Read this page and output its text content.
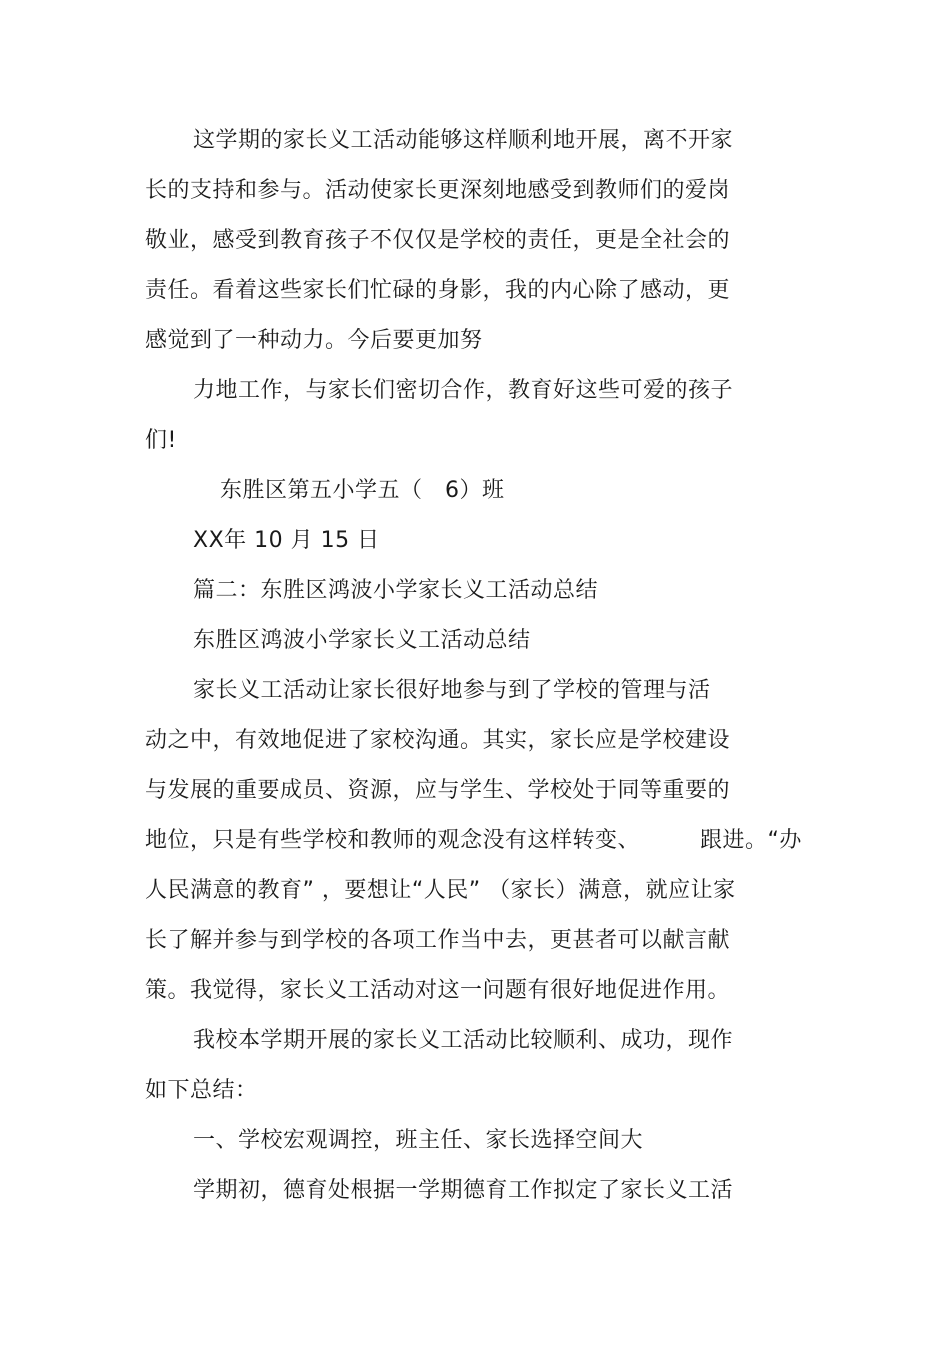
这学期的家长义工活动能够这样顺利地开展，离不开家
长的支持和参与。活动使家长更深刻地感受到教师们的爱岗
敬业，感受到教育孩子不仅仅是学校的责任，更是全社会的
责任。看着这些家长们忙碌的身影，我的内心除了感动，更
感觉到了一种动力。今后要更加努
力地工作，与家长们密切合作，教育好这些可爱的孩子
们!
东胜区第五小学五（   6）班
XX年 10 月 15 日
篇二：东胜区鸿波小学家长义工活动总结
东胜区鸿波小学家长义工活动总结
家长义工活动让家长很好地参与到了学校的管理与活
动之中，有效地促进了家校沟通。其实，家长应是学校建设
与发展的重要成员、资源，应与学生、学校处于同等重要的
地位，只是有些学校和教师的观念没有这样转变、        跟进。“办
人民满意的教育” ，要想让“人民” （家长）满意，就应让家
长了解并参与到学校的各项工作当中去，更甚者可以献言献
策。我觉得，家长义工活动对这一问题有很好地促进作用。
我校本学期开展的家长义工活动比较顺利、成功，现作
如下总结：
一、学校宏观调控，班主任、家长选择空间大
学期初，德育处根据一学期德育工作拟定了家长义工活
